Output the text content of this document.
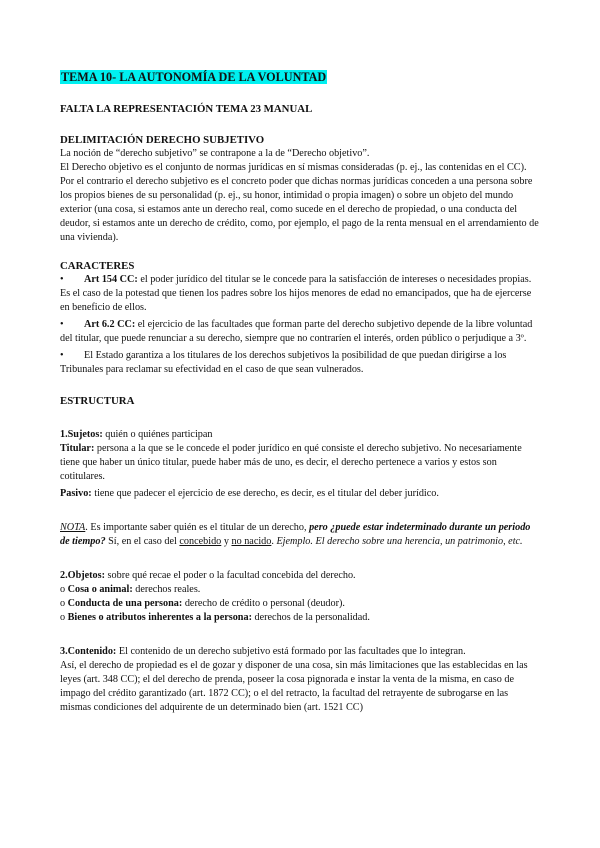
TEMA 10- LA AUTONOMÍA DE LA VOLUNTAD

FALTA LA REPRESENTACIÓN TEMA 23 MANUAL

DELIMITACIÓN DERECHO SUBJETIVO

La noción de “derecho subjetivo” se contrapone a la de “Derecho objetivo”.

El Derecho objetivo es el conjunto de normas jurídicas en sí mismas consideradas (p. ej., las contenidas en el CC). Por el contrario el derecho subjetivo es el concreto poder que dichas normas jurídicas conceden a una persona sobre los propios bienes de su personalidad (p. ej., su honor, intimidad o propia imagen) o sobre un objeto del mundo exterior (una cosa, si estamos ante un derecho real, como sucede en el derecho de propiedad, o una conducta del deudor, si estamos ante un derecho de crédito, como, por ejemplo, el pago de la renta mensual en el arrendamiento de una vivienda).

CARACTERES

• Art 154 CC: el poder jurídico del titular se le concede para la satisfacción de intereses o necesidades propias. Es el caso de la potestad que tienen los padres sobre los hijos menores de edad no emancipados, que ha de ejercerse en beneficio de ellos.

• Art 6.2 CC: el ejercicio de las facultades que forman parte del derecho subjetivo depende de la libre voluntad del titular, que puede renunciar a su derecho, siempre que no contraríen el interés, orden público o perjudique a 3º.

• El Estado garantiza a los titulares de los derechos subjetivos la posibilidad de que puedan dirigirse a los Tribunales para reclamar su efectividad en el caso de que sean vulnerados.

ESTRUCTURA

1.Sujetos: quién o quiénes participan

Titular: persona a la que se le concede el poder jurídico en qué consiste el derecho subjetivo. No necesariamente tiene que haber un único titular, puede haber más de uno, es decir, el derecho pertenece a varios y estos son cotitulares.

Pasivo: tiene que padecer el ejercicio de ese derecho, es decir, es el titular del deber jurídico.

NOTA. Es importante saber quién es el titular de un derecho, pero ¿puede estar indeterminado durante un periodo de tiempo? Sí, en el caso del concebido y no nacido. Ejemplo. El derecho sobre una herencia, un patrimonio, etc.

2.Objetos: sobre qué recae el poder o la facultad concebida del derecho.

o Cosa o animal: derechos reales.

o Conducta de una persona: derecho de crédito o personal (deudor).

o Bienes o atributos inherentes a la persona: derechos de la personalidad.

3.Contenido: El contenido de un derecho subjetivo está formado por las facultades que lo integran.

Así, el derecho de propiedad es el de gozar y disponer de una cosa, sin más limitaciones que las establecidas en las leyes (art. 348 CC); el del derecho de prenda, poseer la cosa pignorada e instar la venta de la misma, en caso de impago del crédito garantizado (art. 1872 CC); o el del retracto, la facultad del retrayente de subrogarse en las mismas condiciones del adquirente de un determinado bien (art. 1521 CC)
